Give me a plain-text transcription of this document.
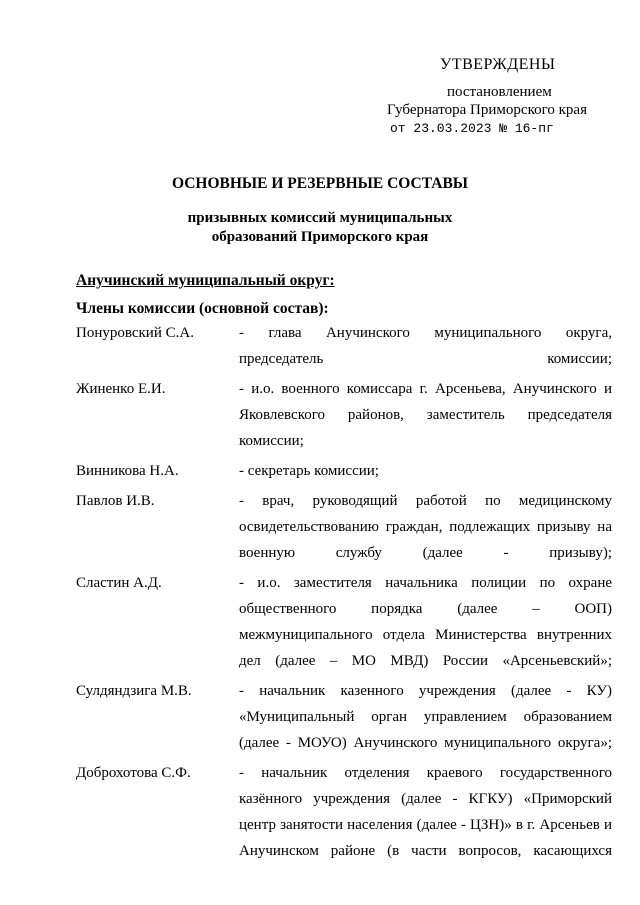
УТВЕРЖДЕНЫ
постановлением
Губернатора Приморского края
от 23.03.2023 № 16-пг
ОСНОВНЫЕ И РЕЗЕРВНЫЕ СОСТАВЫ
призывных комиссий муниципальных
образований Приморского края
Анучинский муниципальный округ:
Члены комиссии (основной состав):
Понуровский С.А.	- глава Анучинского муниципального округа, председатель комиссии;
Жиненко Е.И.	- и.о. военного комиссара г. Арсеньева, Анучинского и Яковлевского районов, заместитель председателя комиссии;
Винникова Н.А.	- секретарь комиссии;
Павлов И.В.	- врач, руководящий работой по медицинскому освидетельствованию граждан, подлежащих призыву на военную службу (далее - призыву);
Сластин А.Д.	- и.о. заместителя начальника полиции по охране общественного порядка (далее – ООП) межмуниципального отдела Министерства внутренних дел (далее – МО МВД) России «Арсеньевский»;
Сулдяндзига М.В.	- начальник казенного учреждения (далее - КУ) «Муниципальный орган управлением образованием (далее - МОУО) Анучинского муниципального округа»;
Доброхотова С.Ф.	- начальник отделения краевого государственного казённого учреждения (далее - КГКУ) «Приморский центр занятости населения (далее - ЦЗН)» в г. Арсеньев и Анучинском районе (в части вопросов, касающихся
